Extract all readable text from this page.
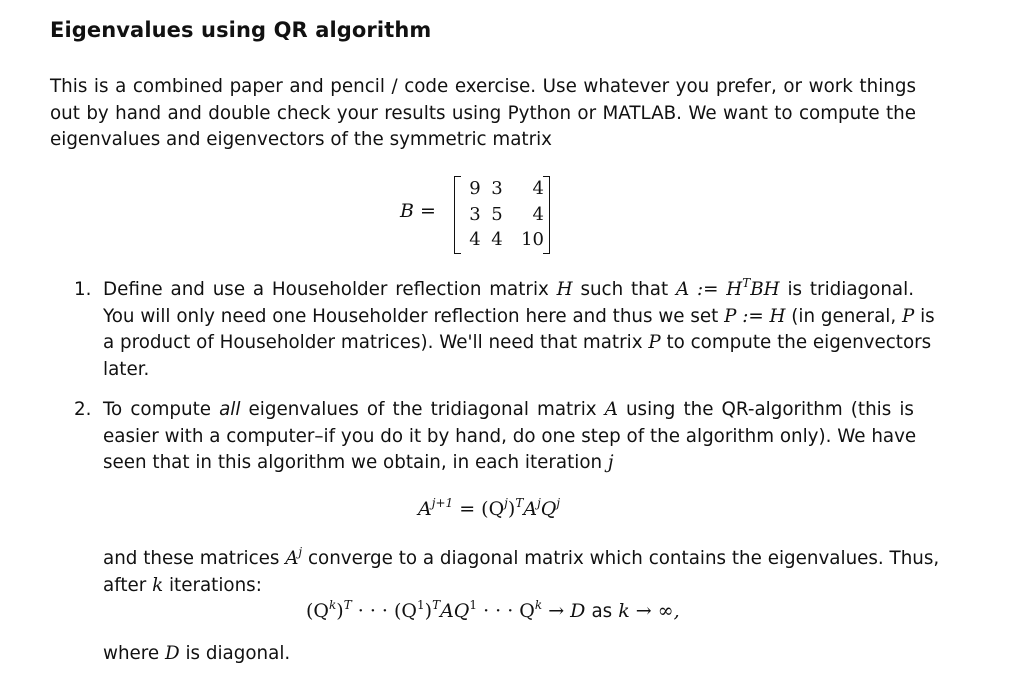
Eigenvalues using QR algorithm
This is a combined paper and pencil / code exercise. Use whatever you prefer, or work things
out by hand and double check your results using Python or MATLAB. We want to compute the
eigenvalues and eigenvectors of the symmetric matrix
B =
9 3	4
3 5	4
4 4	10
1. Define and use a Householder reflection matrix H such that A := $H^TBH$ is tridiagonal.
You will only need one Householder reflection here and thus we set P := H (in general, P is
a product of Householder matrices). We'll need that matrix P to compute the eigenvectors
later.
2. To compute all eigenvalues of the tridiagonal matrix A using the QR-algorithm (this is
easier with a computer–if you do it by hand, do one step of the algorithm only). We have
seen that in this algorithm we obtain, in each iteration j
$A^{j+1} = (Q^j)^TA^jQ^j$
and these matrices $A^j$ converge to a diagonal matrix which contains the eigenvalues. Thus,
after k iterations:
$(Q^k)^T$ · · · $(Q^1)^TAQ^1$ · · · $Q^k \to D$ as k → ∞,
where D is diagonal.
